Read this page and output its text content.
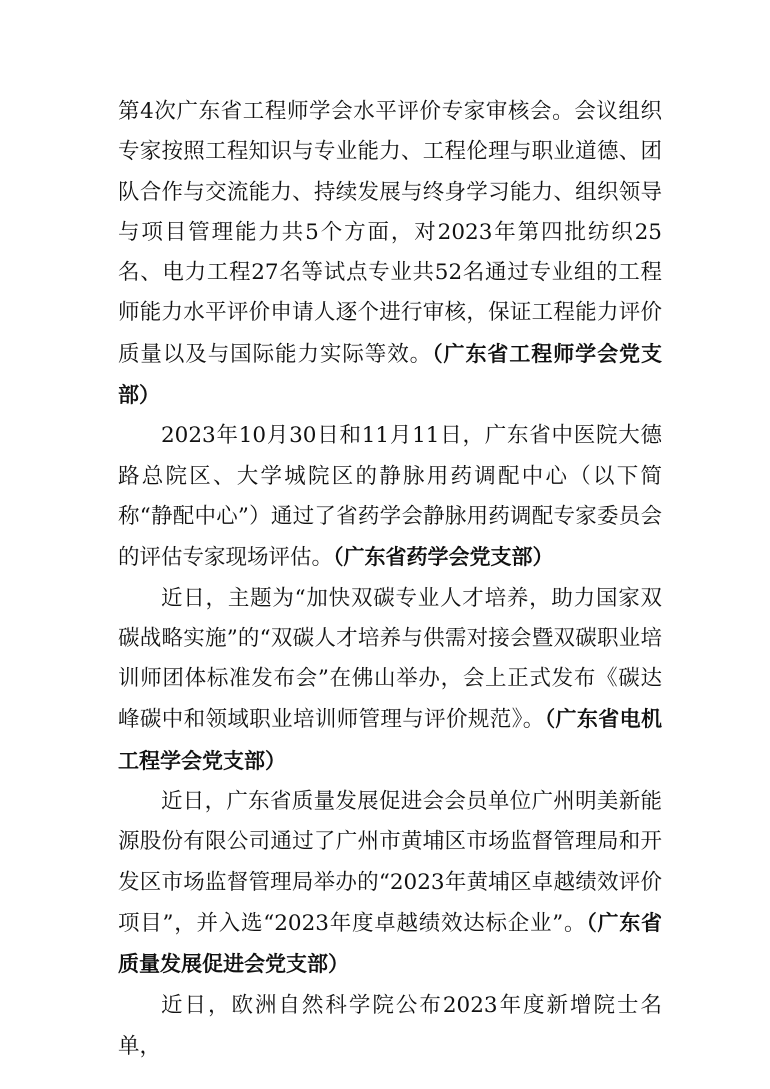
第4次广东省工程师学会水平评价专家审核会。会议组织专家按照工程知识与专业能力、工程伦理与职业道德、团队合作与交流能力、持续发展与终身学习能力、组织领导与项目管理能力共5个方面，对2023年第四批纺织25名、电力工程27名等试点专业共52名通过专业组的工程师能力水平评价申请人逐个进行审核，保证工程能力评价质量以及与国际能力实际等效。（广东省工程师学会党支部）

2023年10月30日和11月11日，广东省中医院大德路总院区、大学城院区的静脉用药调配中心（以下简称“静配中心”）通过了省药学会静脉用药调配专家委员会的评估专家现场评估。（广东省药学会党支部）

近日，主题为“加快双碳专业人才培养，助力国家双碳战略实施”的“双碳人才培养与供需对接会暨双碳职业培训师团体标准发布会”在佛山举办，会上正式发布《碳达峰碳中和领域职业培训师管理与评价规范》。（广东省电机工程学会党支部）

近日，广东省质量发展促进会会员单位广州明美新能源股份有限公司通过了广州市黄埔区市场监督管理局和开发区市场监督管理局举办的“2023年黄埔区卓越绩效评价项目”，并入选“2023年度卓越绩效达标企业”。（广东省质量发展促进会党支部）

近日，欧洲自然科学院公布2023年度新增院士名单，
